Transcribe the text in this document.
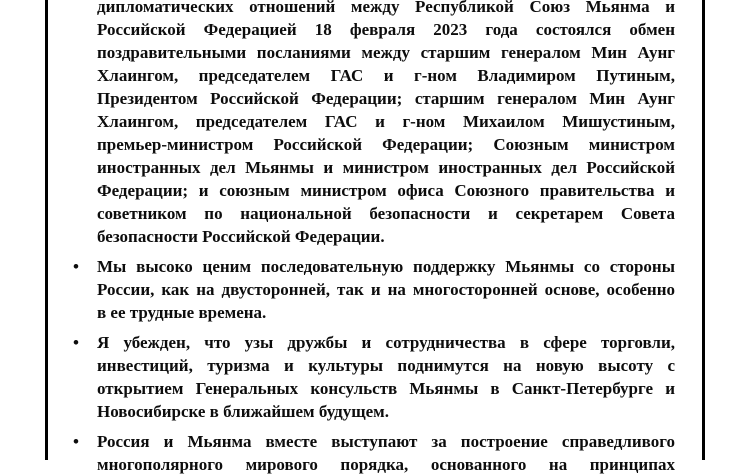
дипломатических отношений между Республикой Союз Мьянма и
Российской Федерацией 18 февраля 2023 года состоялся обмен
поздравительными посланиями между старшим генералом Мин Аунг
Хлаингом, председателем ГАС и г-ном Владимиром Путиным,
Президентом Российской Федерации; старшим генералом Мин Аунг
Хлаингом, председателем ГАС и г-ном Михаилом Мишустиным,
премьер-министром Российской Федерации; Союзным министром
иностранных дел Мьянмы и министром иностранных дел Российской
Федерации; и союзным министром офиса Союзного правительства и
советником по национальной безопасности и секретарем Совета
безопасности Российской Федерации.
• Мы высоко ценим последовательную поддержку Мьянмы со стороны
России, как на двусторонней, так и на многосторонней основе, особенно
в ее трудные времена.
• Я убежден, что узы дружбы и сотрудничества в сфере торговли,
инвестиций, туризма и культуры поднимутся на новую высоту с
открытием Генеральных консульств Мьянмы в Санкт-Петербурге и
Новосибирске в ближайшем будущем.
• Россия и Мьянма вместе выступают за построение справедливого
многополярного мирового порядка, основанного на принципах
